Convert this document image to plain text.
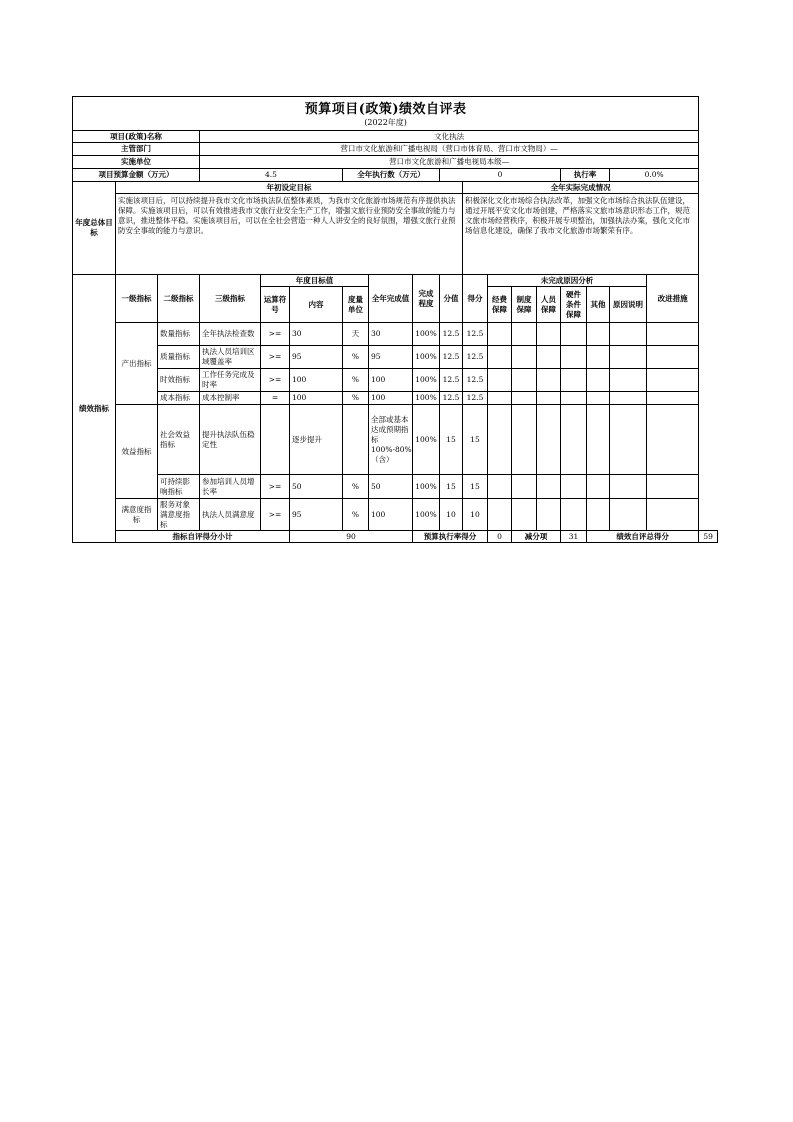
预算项目(政策)绩效自评表
(2022年度)																		

项目(政策)名称			文化执法															
主管部门			营口市文化旅游和广播电视局（营口市体育局、营口市文物局）—															
实施单位			营口市文化旅游和广播电视局本级—															
项目预算金额（万元）			4.5			全年执行数（万元）			0					执行率		0.0%		
年度总体目标	年初设定目标									全年实际完成情况								
	实施该项目后，可以持续提升我市文化市场执法队伍整体素质，为我市文化旅游市场规范有序提供执法保障。实施该项目后，可以有效推进我市文旅行业安全生产工作，增强文旅行业预防安全事故的能力与意识，推进整体平稳。实施该项目后，可以在全社会营造一种人人讲安全的良好氛围，增强文旅行业预防安全事故的能力与意识。									积极深化文化市场综合执法改革，加强文化市场综合执法队伍建设，通过开展平安文化市场创建，严格落实文旅市场意识形态工作，规范文旅市场经营秩序，积极开展专项整治，加强执法办案，强化文化市场信息化建设，确保了我市文化旅游市场繁荣有序。								
绩效指标	一级指标	二级指标	三级指标	年度目标值			全年完成值	完成程度	分值	得分	未完成原因分析						改进措施	
				运算符号	内容	度量单位					经费保障	制度保障	人员保障	硬件条件保障	其他	原因说明		

	产出指标	数量指标	全年执法检查数	>=	30	天	30	100%	12.5	12.5								
		质量指标	执法人员培训区域覆盖率	>=	95	%	95	100%	12.5	12.5								
		时效指标	工作任务完成及时率	>=	100	%	100	100%	12.5	12.5								
		成本指标	成本控制率	=	100	%	100	100%	12.5	12.5								
	效益指标	社会效益指标	提升执法队伍稳定性		逐步提升		全部或基本达成预期指标100%-80%（含）	100%	15	15								
		可持续影响指标	参加培训人员增长率	>=	50	%	50	100%	15	15								
	满意度指标	服务对象满意度指标	执法人员满意度	>=	95	%	100	100%	10	10								
	指标自评得分小计				90			预算执行率得分			0	减分项		31	绩效自评总得分			59
